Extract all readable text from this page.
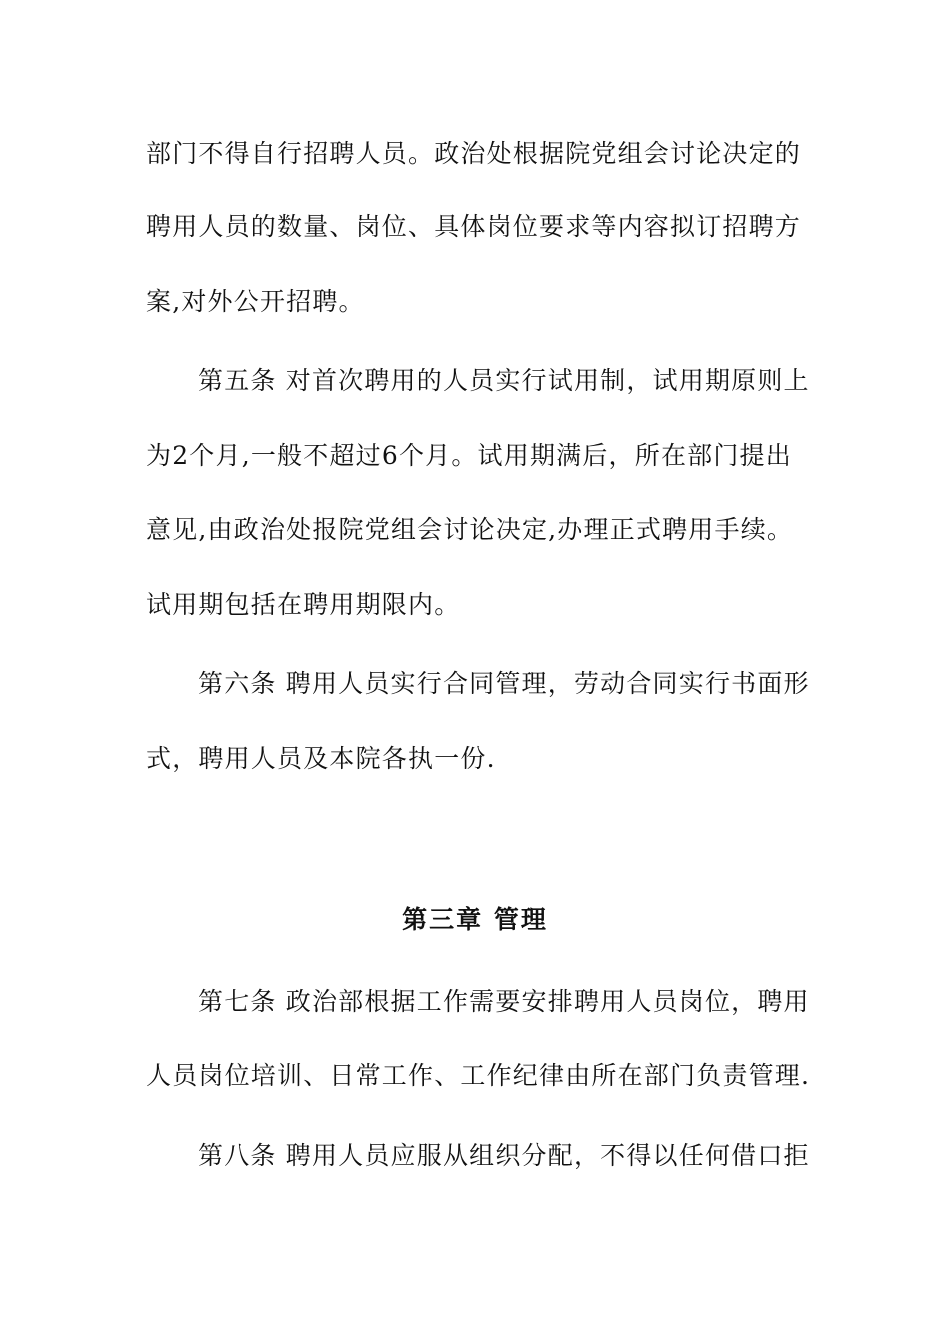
部门不得自行招聘人员。政治处根据院党组会讨论决定的
聘用人员的数量、岗位、具体岗位要求等内容拟订招聘方
案,对外公开招聘。
第五条 对首次聘用的人员实行试用制，试用期原则上
为2个月,一般不超过6个月。试用期满后，所在部门提出
意见,由政治处报院党组会讨论决定,办理正式聘用手续。
试用期包括在聘用期限内。
第六条 聘用人员实行合同管理，劳动合同实行书面形
式，聘用人员及本院各执一份.
第三章 管理
第七条 政治部根据工作需要安排聘用人员岗位，聘用
人员岗位培训、日常工作、工作纪律由所在部门负责管理.
第八条 聘用人员应服从组织分配，不得以任何借口拒
